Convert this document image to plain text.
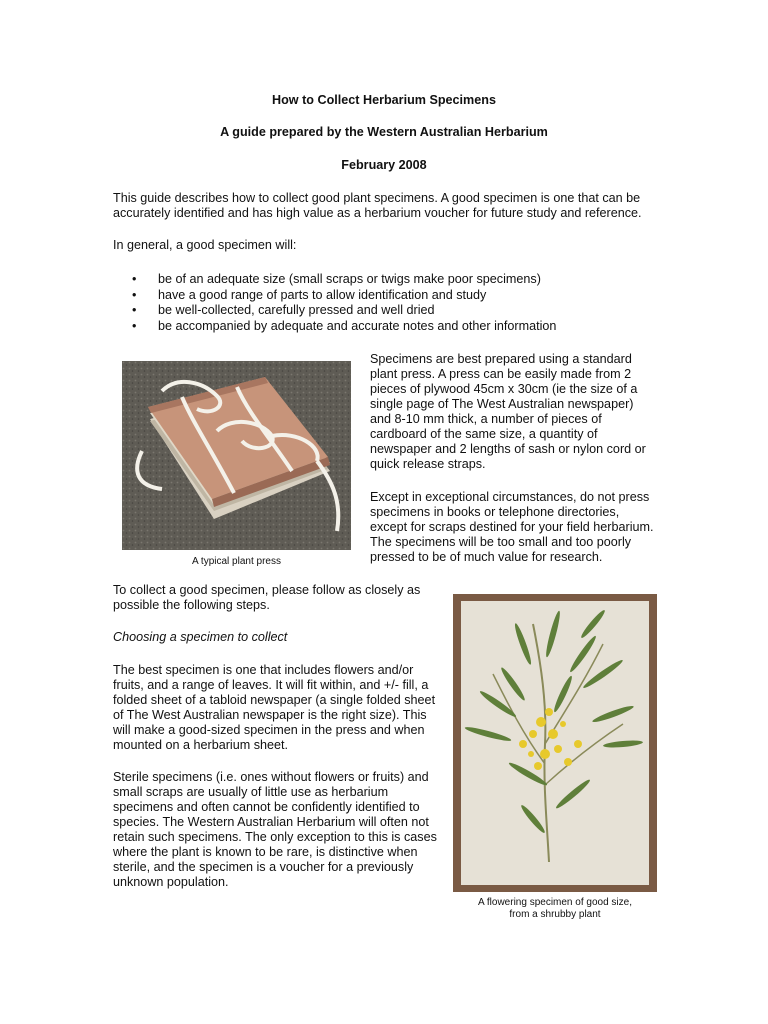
How to Collect Herbarium Specimens
A guide prepared by the Western Australian Herbarium
February 2008

This guide describes how to collect good plant specimens. A good specimen is one that can be accurately identified and has high value as a herbarium voucher for future study and reference.

In general, a good specimen will:

• be of an adequate size (small scraps or twigs make poor specimens)
• have a good range of parts to allow identification and study
• be well-collected, carefully pressed and well dried
• be accompanied by adequate and accurate notes and other information
A typical plant press

Specimens are best prepared using a standard plant press. A press can be easily made from 2 pieces of plywood 45cm x 30cm (ie the size of a single page of The West Australian newspaper) and 8-10 mm thick, a number of pieces of cardboard of the same size, a quantity of newspaper and 2 lengths of sash or nylon cord or quick release straps.

Except in exceptional circumstances, do not press specimens in books or telephone directories, except for scraps destined for your field herbarium. The specimens will be too small and too poorly pressed to be of much value for research.

To collect a good specimen, please follow as closely as possible the following steps.

Choosing a specimen to collect

The best specimen is one that includes flowers and/or fruits, and a range of leaves. It will fit within, and +/- fill, a folded sheet of a tabloid newspaper (a single folded sheet of The West Australian newspaper is the right size). This will make a good-sized specimen in the press and when mounted on a herbarium sheet.

Sterile specimens (i.e. ones without flowers or fruits) and small scraps are usually of little use as herbarium specimens and often cannot be confidently identified to species. The Western Australian Herbarium will often not retain such specimens. The only exception to this is cases where the plant is known to be rare, is distinctive when sterile, and the specimen is a voucher for a previously unknown population.

A flowering specimen of good size,
from a shrubby plant
